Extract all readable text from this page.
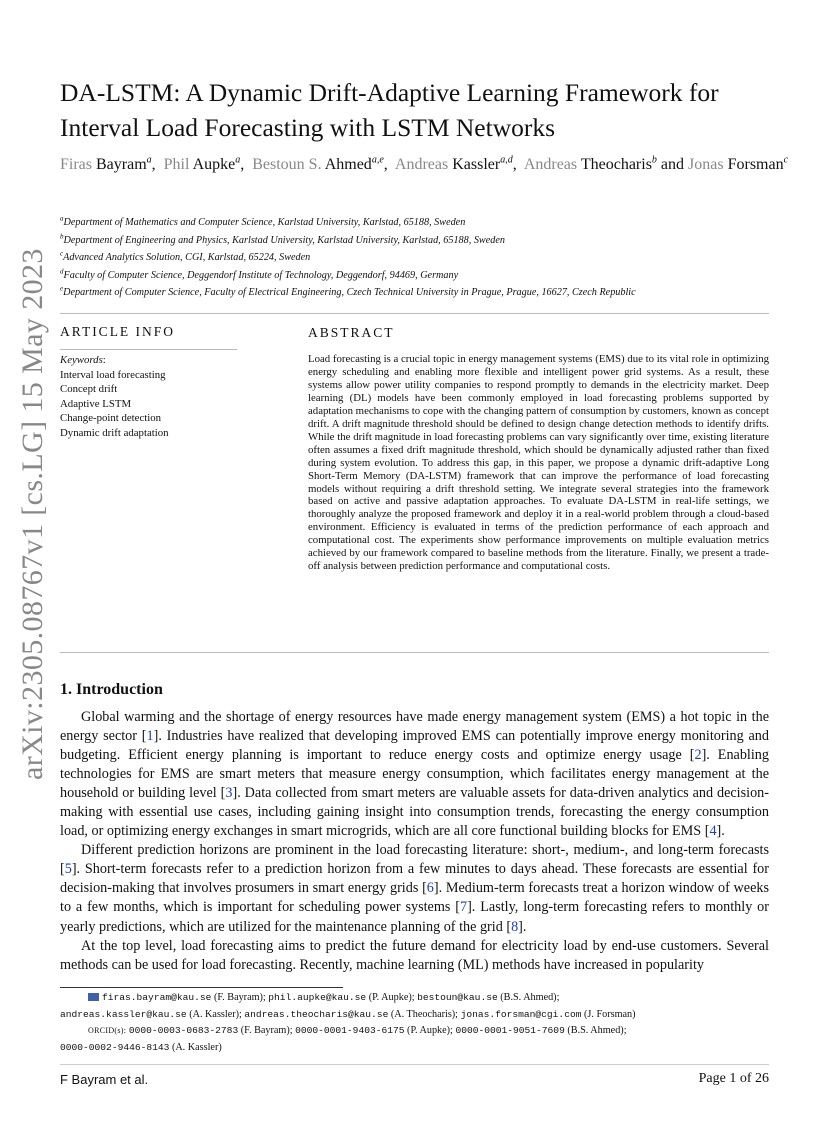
arXiv:2305.08767v1 [cs.LG] 15 May 2023
DA-LSTM: A Dynamic Drift-Adaptive Learning Framework for
Interval Load Forecasting with LSTM Networks
Firas Bayram$^a$, Phil Aupke$^a$, Bestoun S. Ahmed$^{a,e}$, Andreas Kassler$^{a,d}$, Andreas Theocharis$^b$ and Jonas Forsman$^c$
$^a$Department of Mathematics and Computer Science, Karlstad University, Karlstad, 65188, Sweden
$^b$Department of Engineering and Physics, Karlstad University, Karlstad University, Karlstad, 65188, Sweden
$^c$Advanced Analytics Solution, CGI, Karlstad, 65224, Sweden
$^d$Faculty of Computer Science, Deggendorf Institute of Technology, Deggendorf, 94469, Germany
$^e$Department of Computer Science, Faculty of Electrical Engineering, Czech Technical University in Prague, Prague, 16627, Czech Republic
ARTICLE INFO	ABSTRACT
Keywords:
Interval load forecasting
Concept drift
Adaptive LSTM
Change-point detection
Dynamic drift adaptation
Load forecasting is a crucial topic in energy management systems (EMS) due to its vital role in optimizing energy scheduling and enabling more flexible and intelligent power grid systems. As a result, these systems allow power utility companies to respond promptly to demands in the electricity market. Deep learning (DL) models have been commonly employed in load forecasting problems supported by adaptation mechanisms to cope with the changing pattern of consumption by customers, known as concept drift. A drift magnitude threshold should be defined to design change detection methods to identify drifts. While the drift magnitude in load forecasting problems can vary significantly over time, existing literature often assumes a fixed drift magnitude threshold, which should be dynamically adjusted rather than fixed during system evolution. To address this gap, in this paper, we propose a dynamic drift-adaptive Long Short-Term Memory (DA-LSTM) framework that can improve the performance of load forecasting models without requiring a drift threshold setting. We integrate several strategies into the framework based on active and passive adaptation approaches. To evaluate DA-LSTM in real-life settings, we thoroughly analyze the proposed framework and deploy it in a real-world problem through a cloud-based environment. Efficiency is evaluated in terms of the prediction performance of each approach and computational cost. The experiments show performance improvements on multiple evaluation metrics achieved by our framework compared to baseline methods from the literature. Finally, we present a trade-off analysis between prediction performance and computational costs.
1. Introduction

Global warming and the shortage of energy resources have made energy management system (EMS) a hot topic in the energy sector [1]. Industries have realized that developing improved EMS can potentially improve energy monitoring and budgeting. Efficient energy planning is important to reduce energy costs and optimize energy usage [2]. Enabling technologies for EMS are smart meters that measure energy consumption, which facilitates energy management at the household or building level [3]. Data collected from smart meters are valuable assets for data-driven analytics and decision-making with essential use cases, including gaining insight into consumption trends, forecasting the energy consumption load, or optimizing energy exchanges in smart microgrids, which are all core functional building blocks for EMS [4].

Different prediction horizons are prominent in the load forecasting literature: short-, medium-, and long-term forecasts [5]. Short-term forecasts refer to a prediction horizon from a few minutes to days ahead. These forecasts are essential for decision-making that involves prosumers in smart energy grids [6]. Medium-term forecasts treat a horizon window of weeks to a few months, which is important for scheduling power systems [7]. Lastly, long-term forecasting refers to monthly or yearly predictions, which are utilized for the maintenance planning of the grid [8].

At the top level, load forecasting aims to predict the future demand for electricity load by end-use customers. Several methods can be used for load forecasting. Recently, machine learning (ML) methods have increased in popularity

firas.bayram@kau.se (F. Bayram); phil.aupke@kau.se (P. Aupke); bestoun@kau.se (B.S. Ahmed);
andreas.kassler@kau.se (A. Kassler); andreas.theocharis@kau.se (A. Theocharis); jonas.forsman@cgi.com (J. Forsman)
ORCID(s): 0000-0003-0683-2783 (F. Bayram); 0000-0001-9403-6175 (P. Aupke); 0000-0001-9051-7609 (B.S. Ahmed);
0000-0002-9446-8143 (A. Kassler)
F Bayram et al.	Page 1 of 26
